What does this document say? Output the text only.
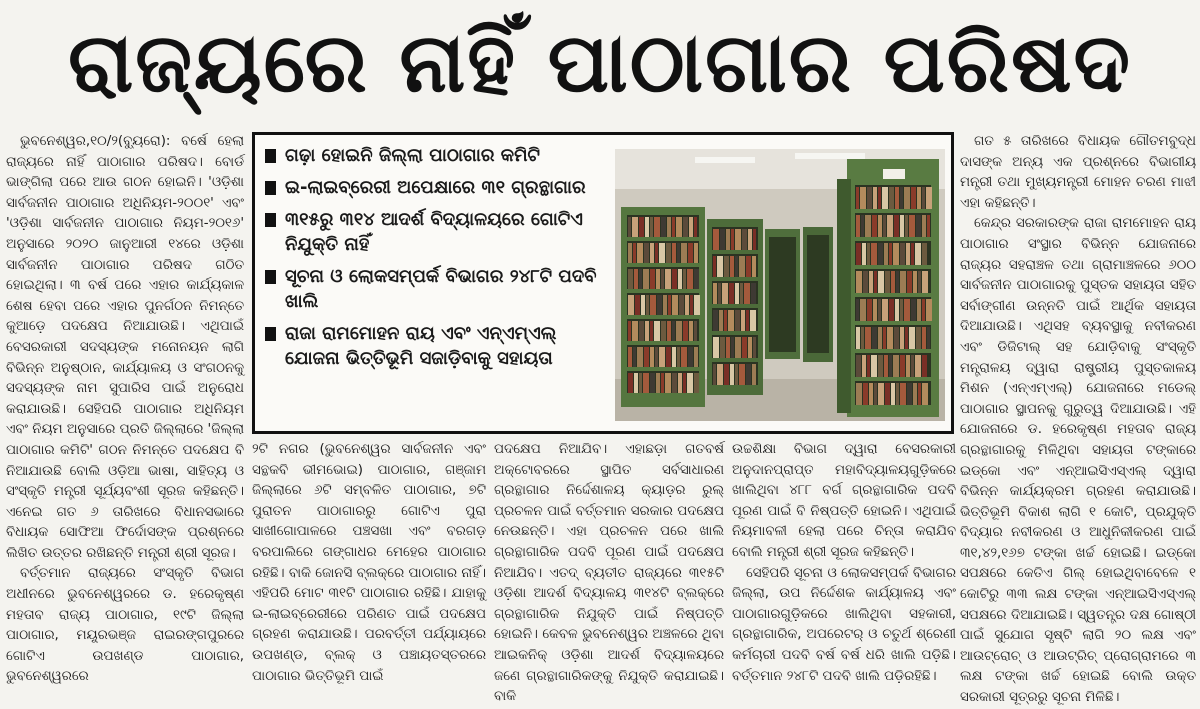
ରାଜ୍ୟରେ ନାହିଁ ପାଠାଗାର ପରିଷଦ

ଭୁବନେଶ୍ୱର,୧୦/୨(ବ୍ୟୁରୋ): ବର୍ଷେ ହେଲା ରାଜ୍ୟରେ ନାହିଁ ପାଠାଗାର ପରିଷଦ। ବୋର୍ଡ ଭାଙ୍ଗିଲା ପରେ ଆଉ ଗଠନ ହୋଇନି। 'ଓଡ଼ିଶା ସାର୍ବଜନୀନ ପାଠାଗାର ଅଧିନିୟମ-୨୦୦୧' ଏବଂ 'ଓଡ଼ିଶା ସାର୍ବଜନୀନ ପାଠାଗାର ନିୟମ-୨୦୧୬' ଅନୁସାରେ ୨୦୨୦ ଜାନୁଆରୀ ୧୪ରେ ଓଡ଼ିଶା ସାର୍ବଜନୀନ ପାଠାଗାର ପରିଷଦ ଗଠିତ ହୋଇଥିଲା। ୩ ବର୍ଷ ପରେ ଏହାର କାର୍ଯ୍ୟକାଳ ଶେଷ ହେବା ପରେ ଏହାର ପୁନର୍ଗଠନ ନିମନ୍ତେ କୁଆଡ଼େ ପଦକ୍ଷେପ ନିଆଯାଉଛି। ଏଥିପାଇଁ ବେସରକାରୀ ସଦସ୍ୟଙ୍କ ମନୋନୟନ ଲାଗି ବିଭିନ୍ନ ଅନୁଷ୍ଠାନ, କାର୍ଯ୍ୟାଳୟ ଓ ସଂଗଠନକୁ ସଦସ୍ୟଙ୍କ ନାମ ସୁପାରିସ ପାଇଁ ଅନୁରୋଧ କରାଯାଉଛି। ସେହିପରି ପାଠାଗାର ଅଧିନିୟମ ଏବଂ ନିୟମ ଅନୁସାରେ ପ୍ରତି ଜିଲ୍ଲାରେ 'ଜିଲ୍ଲା ପାଠାଗାର କମିଟି' ଗଠନ ନିମନ୍ତେ ପଦକ୍ଷେପ ବି ନିଆଯାଉଛି ବୋଲି ଓଡ଼ିଆ ଭାଷା, ସାହିତ୍ୟ ଓ ସଂସ୍କୃତି ମନ୍ତ୍ରୀ ସୂର୍ଯ୍ୟବଂଶୀ ସୂରଜ କହିଛନ୍ତି। ଏନେଇ ଗତ ୬ ତାରିଖରେ ବିଧାନସଭାରେ ବିଧାୟକ ସୋଫିଆ ଫିର୍ଦୋସଙ୍କ ପ୍ରଶ୍ନରେ ଲିଖିତ ଉତ୍ତର ରଖିଛନ୍ତି ମନ୍ତ୍ରୀ ଶ୍ରୀ ସୂରଜ।

ବର୍ତ୍ତମାନ ରାଜ୍ୟରେ ସଂସ୍କୃତି ବିଭାଗ ଅଧୀନରେ ଭୁବନେଶ୍ୱରରେ ଡ. ହରେକୃଷ୍ଣ ମହତାବ ରାଜ୍ୟ ପାଠାଗାର, ୧୯ଟି ଜିଲ୍ଲା ପାଠାଗାର, ମୟୂରଭଞ୍ଜ ରାଇରଙ୍ଗପୁରରେ ଗୋଟିଏ ଉପଖଣ୍ଡ ପାଠାଗାର, ଭୁବନେଶ୍ୱରରେ

ଗଢ଼ା ହୋଇନି ଜିଲ୍ଲା ପାଠାଗାର କମିଟି
ଇ-ଲାଇବ୍ରେରୀ ଅପେକ୍ଷାରେ ୩୧ ଗ୍ରନ୍ଥାଗାର
୩୧୫ରୁ ୩୧୪ ଆଦର୍ଶ ବିଦ୍ୟାଳୟରେ ଗୋଟିଏ ନିଯୁକ୍ତି ନାହିଁ
ସୂଚନା ଓ ଲୋକସମ୍ପର୍କ ବିଭାଗର ୨୪୮ଟି ପଦବି ଖାଲି
ରାଜା ରାମମୋହନ ରାୟ ଏବଂ ଏନ୍‌ଏମ୍‌ଏଲ୍ ଯୋଜନା ଭିତ୍ତିଭୂମି ସଜାଡ଼ିବାକୁ ସହାୟତା

୨ଟି ନଗର (ଭୁବନେଶ୍ୱର ସାର୍ବଜନୀନ ଏବଂ ସନ୍ଥକବି ଭୀମଭୋଇ) ପାଠାଗାର, ଗଞ୍ଜାମ ଜିଲ୍ଲାରେ ୬ଟି ସମ୍ବଳିତ ପାଠାଗାର, ୭ଟି ପୁରାତନ ପାଠାଗାରରୁ ଗୋଟିଏ ପୁରା ସାଖୀଗୋପାଳରେ ପଞ୍ଚସଖା ଏବଂ ବରଗଡ଼ ବରପାଲିରେ ଗଙ୍ଗାଧର ମେହେର ପାଠାଗାର ରହିଛି। ବାକି ଜୋନସି ବ୍ଲକ୍‌ରେ ପାଠାଗାର ନାହିଁ। ଏହିପରି ମୋଟ ୩୧ଟି ପାଠାଗାର ରହିଛି। ଯାହାକୁ ଇ-ଲାଇବ୍ରେରୀରେ ପରିଣତ ପାଇଁ ପଦକ୍ଷେପ ଗ୍ରହଣ କରାଯାଉଛି। ପରବର୍ତ୍ତୀ ପର୍ଯ୍ୟାୟରେ ଉପଖଣ୍ଡ, ବ୍ଲକ୍ ଓ ପଞ୍ଚାୟତସ୍ତରରେ ପାଠାଗାର ଭିତ୍ତିଭୂମି ପାଇଁ

ପଦକ୍ଷେପ ନିଆଯିବ। ଏହାଛଡ଼ା ଗତବର୍ଷ ଅକ୍ଟୋବରରେ ସ୍ଥାପିତ ସର୍ବସାଧାରଣ ଗ୍ରନ୍ଥାଗାର ନିର୍ଦ୍ଦେଶାଳୟ କ୍ୟାଡ଼ର ରୁଲ୍ ପ୍ରଚଳନ ପାଇଁ ବର୍ତ୍ତମାନ ସରକାର ପଦକ୍ଷେପ ନେଉଛନ୍ତି। ଏହା ପ୍ରଚଳନ ପରେ ଖାଲି ଗ୍ରନ୍ଥାଗାରିକ ପଦବି ପୂରଣ ପାଇଁ ପଦକ୍ଷେପ ନିଆଯିବ। ଏତଦ୍ ବ୍ୟତୀତ ରାଜ୍ୟରେ ୩୧୫ଟି ଓଡ଼ିଶା ଆଦର୍ଶ ବିଦ୍ୟାଳୟ ୩୧୪ଟି ବ୍ଲକ୍‌ରେ ଗ୍ରନ୍ଥାଗାରିକ ନିଯୁକ୍ତି ପାଇଁ ନିଷ୍ପତ୍ତି ହୋଇନି। କେବଳ ଭୁବନେଶ୍ୱର ଅଞ୍ଚଳରେ ଥିବା ଆଇକନିକ୍ ଓଡ଼ିଶା ଆଦର୍ଶ ବିଦ୍ୟାଳୟରେ ଜଣେ ଗ୍ରନ୍ଥାଗାରିକଙ୍କୁ ନିଯୁକ୍ତି କରାଯାଇଛି। ବାକି

ଉଚ୍ଚଶିକ୍ଷା ବିଭାଗ ଦ୍ୱାରା ବେସରକାରୀ ଅନୁଦାନପ୍ରାପ୍ତ ମହାବିଦ୍ୟାଳୟଗୁଡ଼ିକରେ ଖାଲିଥିବା ୪୮୮ ବର୍ଗ ଗ୍ରନ୍ଥାଗାରିକ ପଦବି ପୂରଣ ପାଇଁ ବି ନିଷ୍ପତ୍ତି ହୋଇନି। ଏଥିପାଇଁ ନିୟମାବଳୀ ହେଲା ପରେ ଚିନ୍ତା କରାଯିବ ବୋଲି ମନ୍ତ୍ରୀ ଶ୍ରୀ ସୂରଜ କହିଛନ୍ତି।

ସେହିପରି ସୂଚନା ଓ ଲୋକସମ୍ପର୍କ ବିଭାଗର ଜିଲ୍ଲା, ଉପ ନିର୍ଦ୍ଦେଶକ କାର୍ଯ୍ୟାଳୟ ଏବଂ ପାଠାଗାରଗୁଡ଼ିକରେ ଖାଲିଥିବା ସହକାରୀ, ଗ୍ରନ୍ଥାଗାରିକ, ଅପରେଟର୍ ଓ ଚତୁର୍ଥ ଶ୍ରେଣୀ କର୍ମଚାରୀ ପଦବି ବର୍ଷ ବର୍ଷ ଧରି ଖାଲି ପଡ଼ିଛି। ବର୍ତ୍ତମାନ ୨୪୮ଟି ପଦବି ଖାଲି ପଡ଼ିରହିଛି।

ଗତ ୫ ତାରିଖରେ ବିଧାୟକ ଗୌତମବୁଦ୍ଧ ଦାସଙ୍କ ଅନ୍ୟ ଏକ ପ୍ରଶ୍ନରେ ବିଭାଗୀୟ ମନ୍ତ୍ରୀ ତଥା ମୁଖ୍ୟମନ୍ତ୍ରୀ ମୋହନ ଚରଣ ମାଝୀ ଏହା କହିଛନ୍ତି।

କେନ୍ଦ୍ର ସରକାରଙ୍କ ରାଜା ରାମମୋହନ ରାୟ ପାଠାଗାର ସଂସ୍ଥାର ବିଭିନ୍ନ ଯୋଜନାରେ ରାଜ୍ୟର ସହରାଞ୍ଚଳ ତଥା ଗ୍ରାମାଞ୍ଚଳରେ ୬୦୦ ସାର୍ବଜନୀନ ପାଠାଗାରକୁ ପୁସ୍ତକ ସହାୟତା ସହିତ ସର୍ବାଙ୍ଗୀଣ ଉନ୍ନତି ପାଇଁ ଆର୍ଥିକ ସହାୟତା ଦିଆଯାଉଛି। ଏଥିସହ ବ୍ୟବସ୍ଥାକୁ ନବୀକରଣ ଏବଂ ଡିଜିଟାଲ୍ ସହ ଯୋଡ଼ିବାକୁ ସଂସ୍କୃତି ମନ୍ତ୍ରାଳୟ ଦ୍ୱାରା ରାଷ୍ଟ୍ରୀୟ ପୁସ୍ତକାଳୟ ମିଶନ (ଏନ୍‌ଏମ୍‌ଏଲ୍) ଯୋଜନାରେ ମଡେଲ୍ ପାଠାଗାର ସ୍ଥାପନକୁ ଗୁରୁତ୍ୱ ଦିଆଯାଉଛି। ଏହି ଯୋଜନାରେ ଡ. ହରେକୃଷ୍ଣ ମହତାବ ରାଜ୍ୟ ଗ୍ରନ୍ଥାଗାରକୁ ମିଳିଥିବା ସହାୟତା ଟଙ୍କାରେ ଇଡ୍‌କୋ ଏବଂ ଏନ୍‌ଆଇସିଏସ୍‌ଏଲ୍ ଦ୍ୱାରା ବିଭିନ୍ନ କାର୍ଯ୍ୟକ୍ରମ ଗ୍ରହଣ କରାଯାଉଛି। ଭିତ୍ତିଭୂମି ବିକାଶ ଲାଗି ୧ କୋଟି, ପ୍ରଯୁକ୍ତି ବିଦ୍ୟାର ନବୀକରଣ ଓ ଆଧୁନିକୀକରଣ ପାଇଁ ୩୧,୪୨,୧୬୭ ଟଙ୍କା ଖର୍ଚ୍ଚ ହୋଇଛି। ଇଡ୍‌କୋ ସପକ୍ଷରେ କେତିଏ ଗିଲ୍ ହୋଇଥିବାବେଳେ ୧ କୋଟିରୁ ୩୩ ଲକ୍ଷ ଟଙ୍କା ଏନ୍‌ଆଇସିଏସ୍‌ଏଲ୍ ସପକ୍ଷରେ ଦିଆଯାଇଛି। ସ୍ୱତନ୍ତ୍ର ଦକ୍ଷ ଗୋଷ୍ଠୀ ପାଇଁ ସୁଯୋଗ ସୃଷ୍ଟି ଲାଗି ୨୦ ଲକ୍ଷ ଏବଂ ଆଉଟ୍‌ରୋଚ୍ ଓ ଆଉଟ୍‌ରିଚ୍ ପ୍ରୋଗ୍ରାମରେ ୩ ଲକ୍ଷ ଟଙ୍କା ଖର୍ଚ୍ଚ ହୋଇଛି ବୋଲି ଉକ୍ତ ସରକାରୀ ସୂତ୍ରରୁ ସୂଚନା ମିଳିଛି।
